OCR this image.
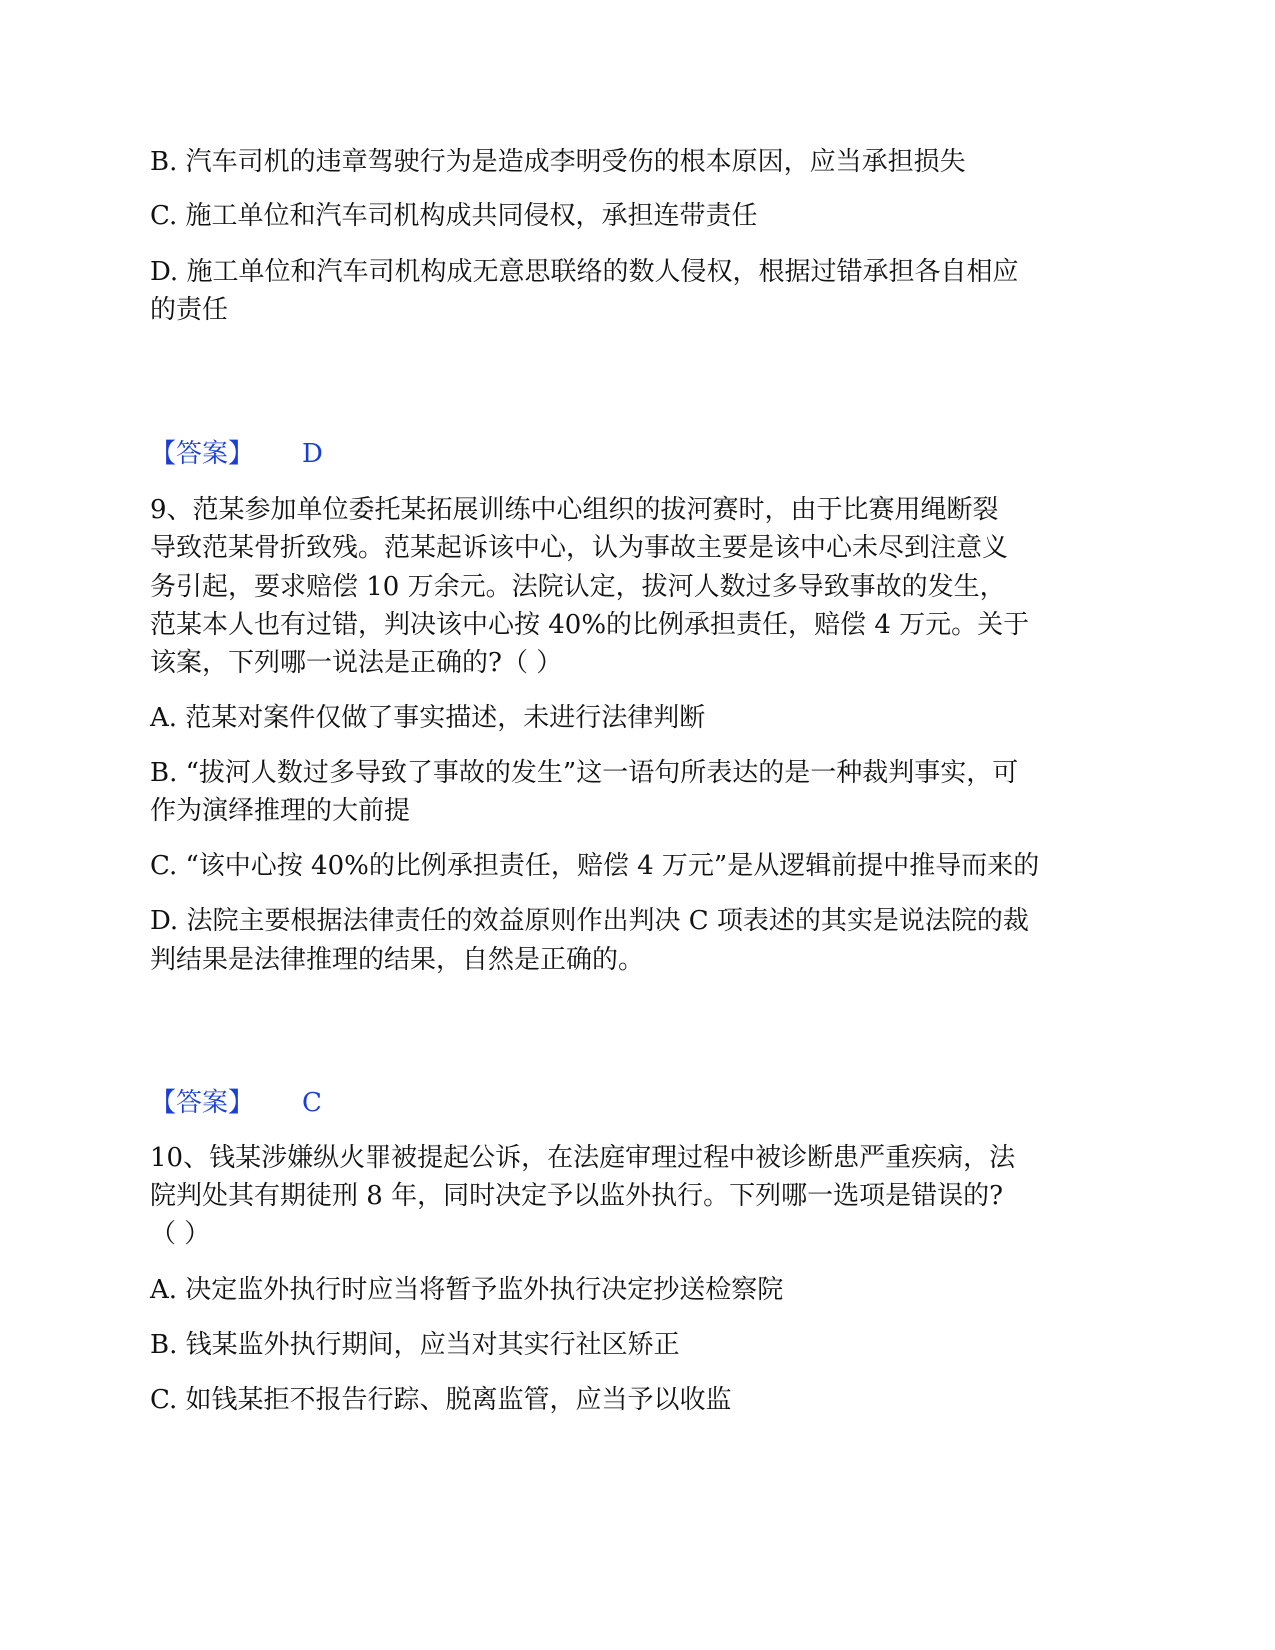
B. 汽车司机的违章驾驶行为是造成李明受伤的根本原因，应当承担损失
C. 施工单位和汽车司机构成共同侵权，承担连带责任
D. 施工单位和汽车司机构成无意思联络的数人侵权，根据过错承担各自相应
的责任
【答案】 D
9、范某参加单位委托某拓展训练中心组织的拔河赛时，由于比赛用绳断裂
导致范某骨折致残。范某起诉该中心，认为事故主要是该中心未尽到注意义
务引起，要求赔偿 10 万余元。法院认定，拔河人数过多导致事故的发生，
范某本人也有过错，判决该中心按 40%的比例承担责任，赔偿 4 万元。关于
该案，下列哪一说法是正确的?（ ）
A. 范某对案件仅做了事实描述，未进行法律判断
B. “拔河人数过多导致了事故的发生”这一语句所表达的是一种裁判事实，可
作为演绎推理的大前提
C. “该中心按 40%的比例承担责任，赔偿 4 万元”是从逻辑前提中推导而来的
D. 法院主要根据法律责任的效益原则作出判决 C 项表述的其实是说法院的裁
判结果是法律推理的结果，自然是正确的。
【答案】 C
10、钱某涉嫌纵火罪被提起公诉，在法庭审理过程中被诊断患严重疾病，法
院判处其有期徒刑 8 年，同时决定予以监外执行。下列哪一选项是错误的?
（ ）
A. 决定监外执行时应当将暂予监外执行决定抄送检察院
B. 钱某监外执行期间，应当对其实行社区矫正
C. 如钱某拒不报告行踪、脱离监管，应当予以收监
